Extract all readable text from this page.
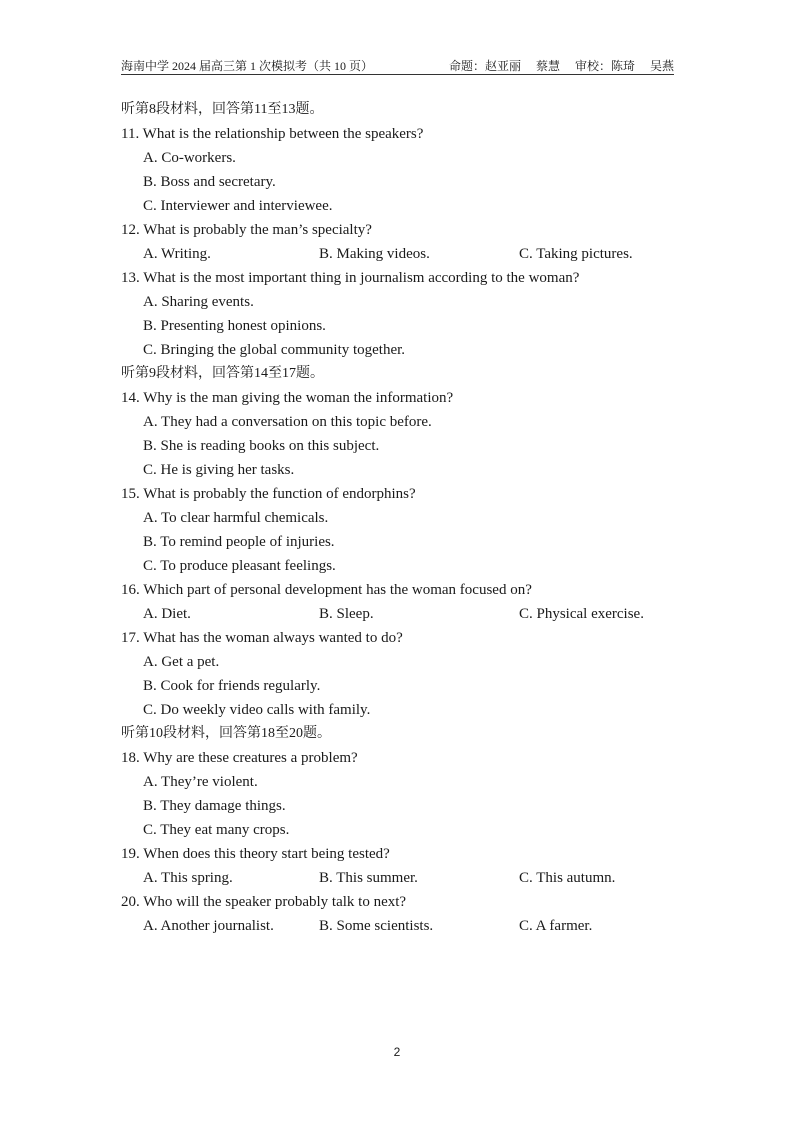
海南中学 2024 届高三第 1 次模拟考（共 10 页）	命题：赵亚丽 蔡慧 审校：陈琦 吴燕
听第8段材料，回答第11至13题。
11. What is the relationship between the speakers?
A. Co-workers.
B. Boss and secretary.
C. Interviewer and interviewee.
12. What is probably the man’s specialty?
A. Writing.	B. Making videos.	C. Taking pictures.
13. What is the most important thing in journalism according to the woman?
A. Sharing events.
B. Presenting honest opinions.
C. Bringing the global community together.
听第9段材料，回答第14至17题。
14. Why is the man giving the woman the information?
A. They had a conversation on this topic before.
B. She is reading books on this subject.
C. He is giving her tasks.
15. What is probably the function of endorphins?
A. To clear harmful chemicals.
B. To remind people of injuries.
C. To produce pleasant feelings.
16. Which part of personal development has the woman focused on?
A. Diet.	B. Sleep.	C. Physical exercise.
17. What has the woman always wanted to do?
A. Get a pet.
B. Cook for friends regularly.
C. Do weekly video calls with family.
听第10段材料，回答第18至20题。
18. Why are these creatures a problem?
A. They’re violent.
B. They damage things.
C. They eat many crops.
19. When does this theory start being tested?
A. This spring.	B. This summer.	C. This autumn.
20. Who will the speaker probably talk to next?
A. Another journalist.	B. Some scientists.	C. A farmer.
2
